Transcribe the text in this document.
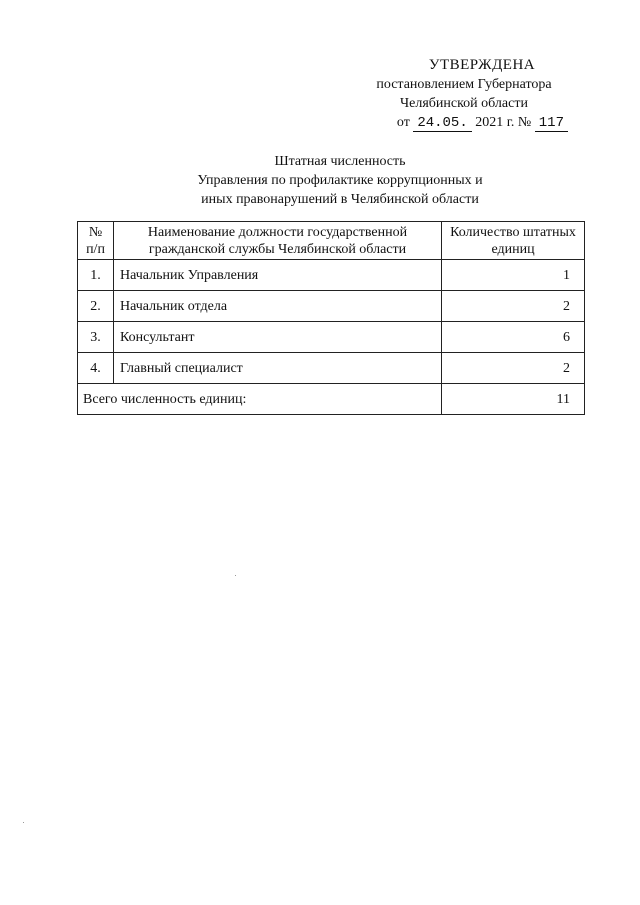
УТВЕРЖДЕНА
постановлением Губернатора
Челябинской области
от 24.05. 2021 г. № 117
Штатная численность
Управления по профилактике коррупционных и
иных правонарушений в Челябинской области
№ п/п	Наименование должности государственной гражданской службы Челябинской области	Количество штатных единиц
1.	Начальник Управления	1
2.	Начальник отдела	2
3.	Консультант	6
4.	Главный специалист	2
Всего численность единиц:		11
